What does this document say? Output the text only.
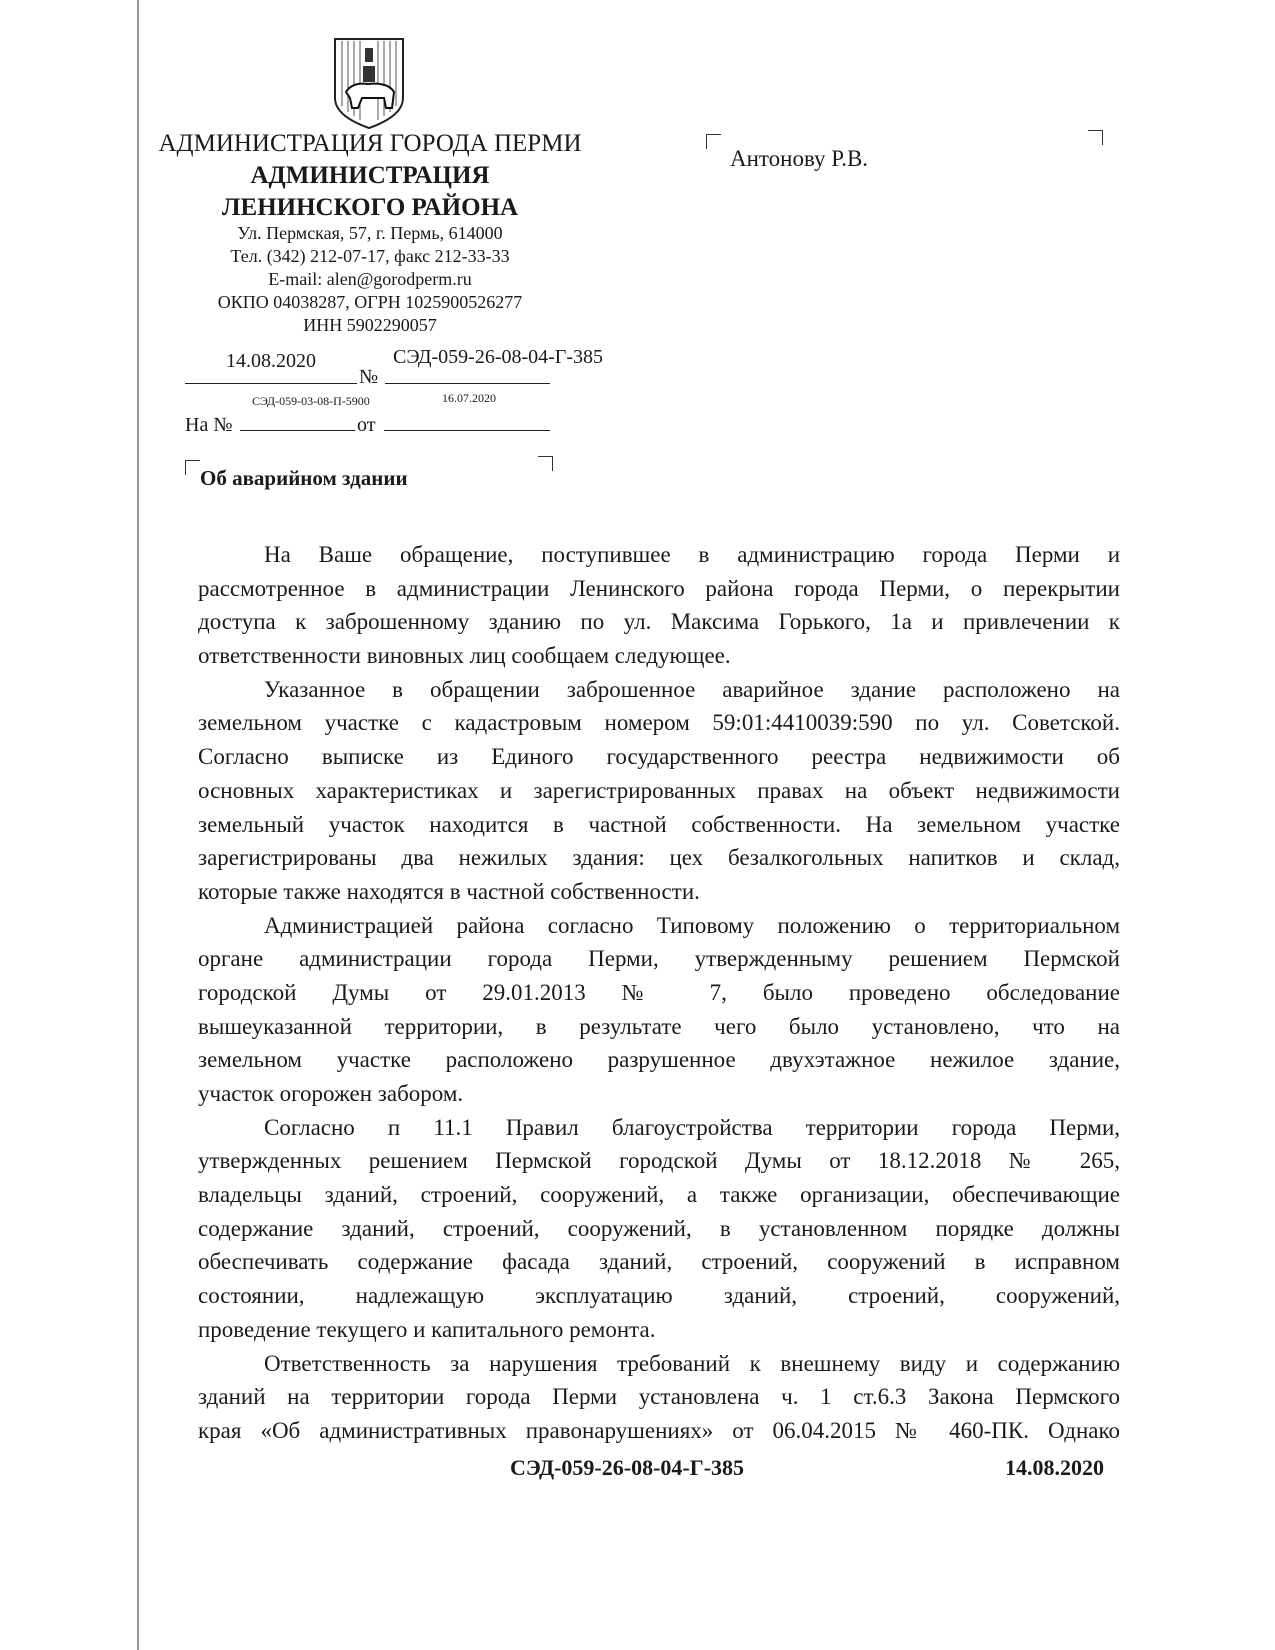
АДМИНИСТРАЦИЯ ГОРОДА ПЕРМИ
АДМИНИСТРАЦИЯ
ЛЕНИНСКОГО РАЙОНА
Ул. Пермская, 57, г. Пермь, 614000
Тел. (342) 212-07-17, факс 212-33-33
E-mail: alen@gorodperm.ru
ОКПО 04038287, ОГРН 1025900526277
ИНН 5902290057
14.08.2020
№
СЭД-059-26-08-04-Г-385
СЭД-059-03-08-П-5900	16.07.2020
На №	от
Антонову Р.В.
Об аварийном здании
На Ваше обращение, поступившее в администрацию города Перми и
рассмотренное в администрации Ленинского района города Перми, о перекрытии
доступа к заброшенному зданию по ул. Максима Горького, 1а и привлечении к
ответственности виновных лиц сообщаем следующее.
Указанное в обращении заброшенное аварийное здание расположено на
земельном участке с кадастровым номером 59:01:4410039:590 по ул. Советской.
Согласно выписке из Единого государственного реестра недвижимости об
основных характеристиках и зарегистрированных правах на объект недвижимости
земельный участок находится в частной собственности. На земельном участке
зарегистрированы два нежилых здания: цех безалкогольных напитков и склад,
которые также находятся в частной собственности.
Администрацией района согласно Типовому положению о территориальном
органе администрации города Перми, утвержденныму решением Пермской
городской Думы от 29.01.2013 № 7, было проведено обследование
вышеуказанной территории, в результате чего было установлено, что на
земельном участке расположено разрушенное двухэтажное нежилое здание,
участок огорожен забором.
Согласно п 11.1 Правил благоустройства территории города Перми,
утвержденных решением Пермской городской Думы от 18.12.2018 № 265,
владельцы зданий, строений, сооружений, а также организации, обеспечивающие
содержание зданий, строений, сооружений, в установленном порядке должны
обеспечивать содержание фасада зданий, строений, сооружений в исправном
состоянии, надлежащую эксплуатацию зданий, строений, сооружений,
проведение текущего и капитального ремонта.
Ответственность за нарушения требований к внешнему виду и содержанию
зданий на территории города Перми установлена ч. 1 ст.6.3 Закона Пермского
края «Об административных правонарушениях» от 06.04.2015 № 460-ПК. Однако
СЭД-059-26-08-04-Г-385	14.08.2020
